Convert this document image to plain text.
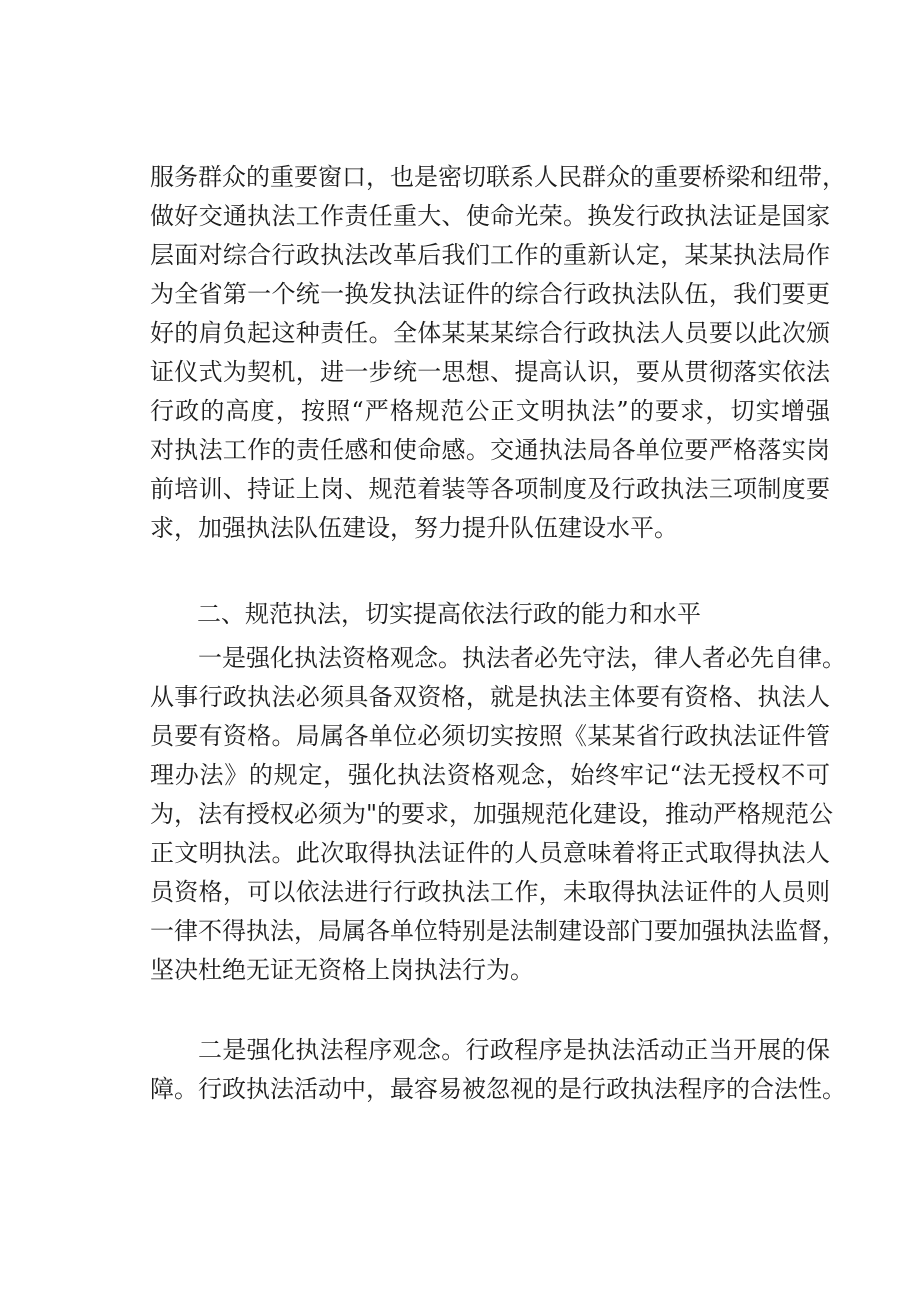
服务群众的重要窗口，也是密切联系人民群众的重要桥梁和纽带，
做好交通执法工作责任重大、使命光荣。换发行政执法证是国家
层面对综合行政执法改革后我们工作的重新认定，某某执法局作
为全省第一个统一换发执法证件的综合行政执法队伍，我们要更
好的肩负起这种责任。全体某某某综合行政执法人员要以此次颁
证仪式为契机，进一步统一思想、提高认识，要从贯彻落实依法
行政的高度，按照“严格规范公正文明执法”的要求，切实增强
对执法工作的责任感和使命感。交通执法局各单位要严格落实岗
前培训、持证上岗、规范着装等各项制度及行政执法三项制度要
求，加强执法队伍建设，努力提升队伍建设水平。
二、规范执法，切实提高依法行政的能力和水平
一是强化执法资格观念。执法者必先守法，律人者必先自律。
从事行政执法必须具备双资格，就是执法主体要有资格、执法人
员要有资格。局属各单位必须切实按照《某某省行政执法证件管
理办法》的规定，强化执法资格观念，始终牢记“法无授权不可
为，法有授权必须为"的要求，加强规范化建设，推动严格规范公
正文明执法。此次取得执法证件的人员意味着将正式取得执法人
员资格，可以依法进行行政执法工作，未取得执法证件的人员则
一律不得执法，局属各单位特别是法制建设部门要加强执法监督，
坚决杜绝无证无资格上岗执法行为。
二是强化执法程序观念。行政程序是执法活动正当开展的保
障。行政执法活动中，最容易被忽视的是行政执法程序的合法性。
